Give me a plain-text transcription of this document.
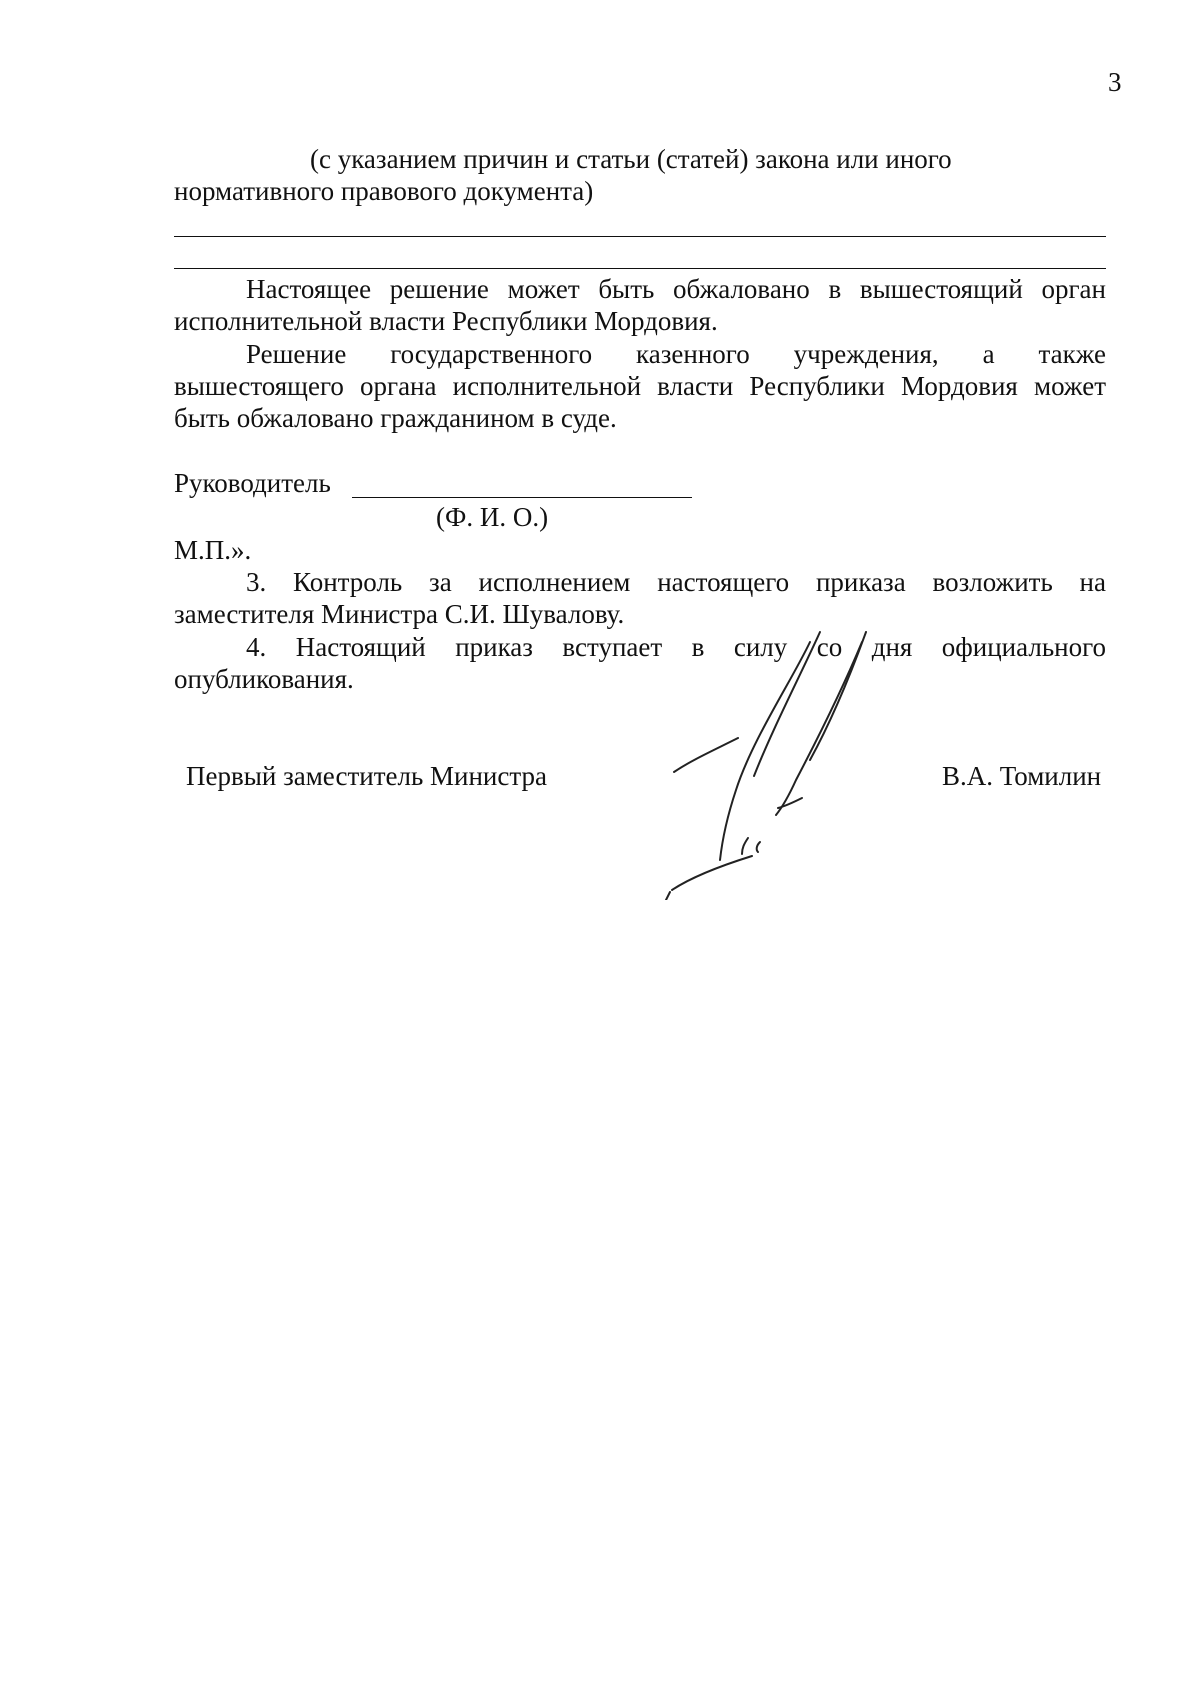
3
(с указанием причин и статьи (статей) закона или иного
нормативного правового документа)
Настоящее решение может быть обжаловано в вышестоящий орган
исполнительной власти Республики Мордовия.
Решение государственного казенного учреждения, а также
вышестоящего органа исполнительной власти Республики Мордовия может
быть обжаловано гражданином в суде.
Руководитель
(Ф. И. О.)
М.П.».
3. Контроль за исполнением настоящего приказа возложить на
заместителя Министра С.И. Шувалову.
4. Настоящий приказ вступает в силу со дня официального
опубликования.
Первый заместитель Министра	В.А. Томилин
